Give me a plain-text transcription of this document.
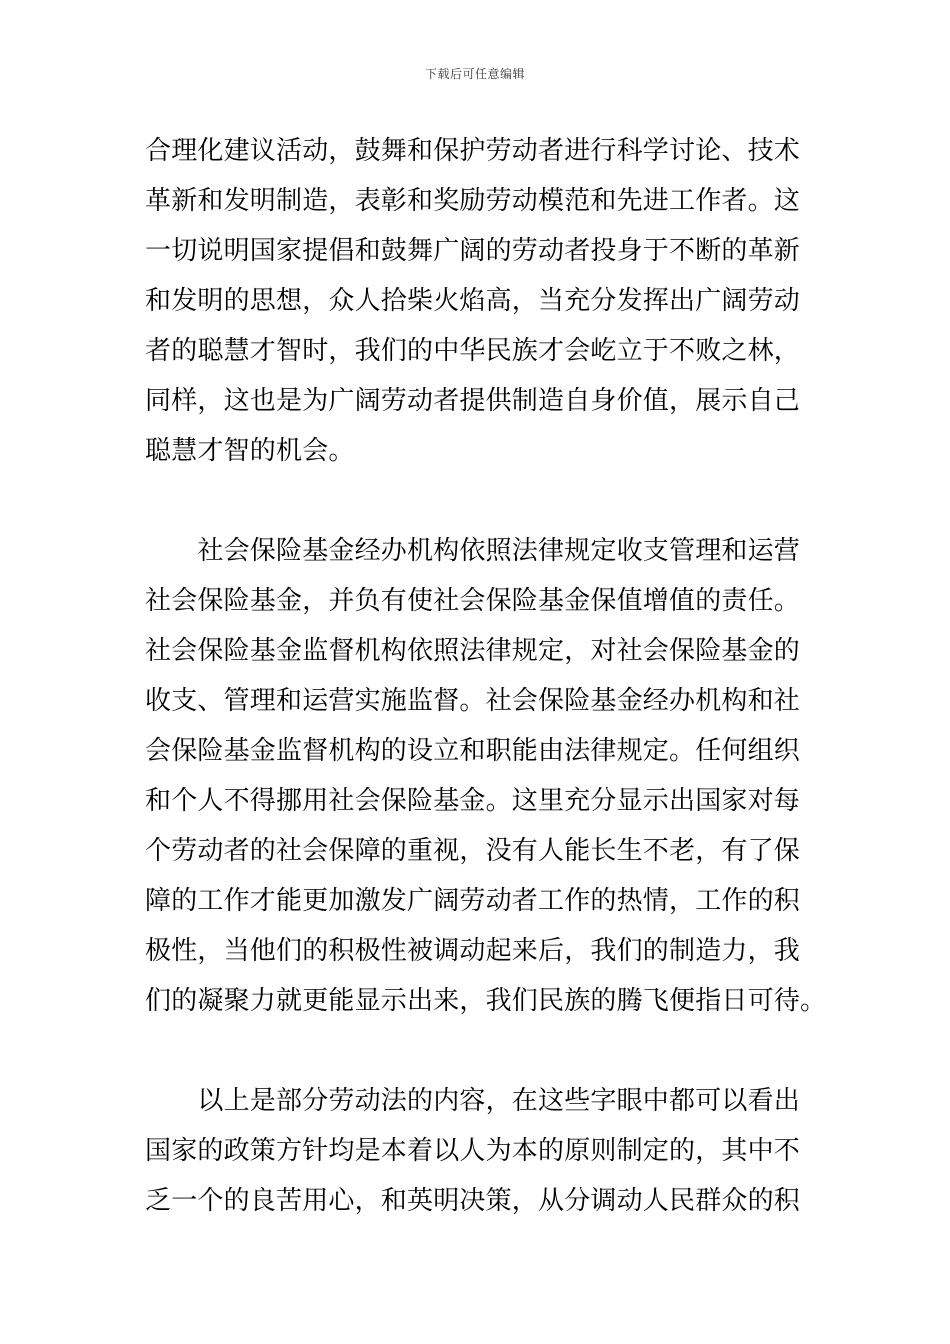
下载后可任意编辑
合理化建议活动，鼓舞和保护劳动者进行科学讨论、技术
革新和发明制造，表彰和奖励劳动模范和先进工作者。这
一切说明国家提倡和鼓舞广阔的劳动者投身于不断的革新
和发明的思想，众人拾柴火焰高，当充分发挥出广阔劳动
者的聪慧才智时，我们的中华民族才会屹立于不败之林，
同样，这也是为广阔劳动者提供制造自身价值，展示自己
聪慧才智的机会。
　　社会保险基金经办机构依照法律规定收支管理和运营
社会保险基金，并负有使社会保险基金保值增值的责任。
社会保险基金监督机构依照法律规定，对社会保险基金的
收支、管理和运营实施监督。社会保险基金经办机构和社
会保险基金监督机构的设立和职能由法律规定。任何组织
和个人不得挪用社会保险基金。这里充分显示出国家对每
个劳动者的社会保障的重视，没有人能长生不老，有了保
障的工作才能更加激发广阔劳动者工作的热情，工作的积
极性，当他们的积极性被调动起来后，我们的制造力，我
们的凝聚力就更能显示出来，我们民族的腾飞便指日可待。
　　以上是部分劳动法的内容，在这些字眼中都可以看出
国家的政策方针均是本着以人为本的原则制定的，其中不
乏一个的良苦用心，和英明决策，从分调动人民群众的积
